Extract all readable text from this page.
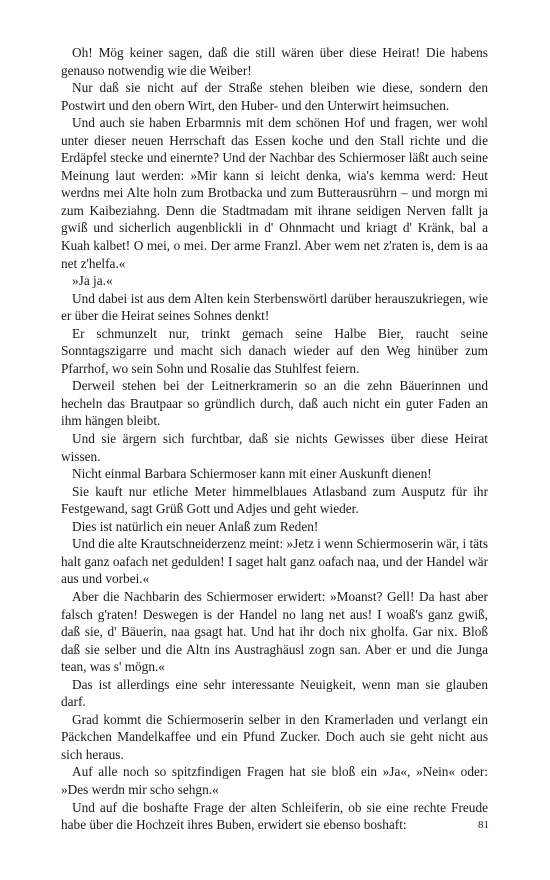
Oh! Mög keiner sagen, daß die still wären über diese Heirat! Die habens genauso notwendig wie die Weiber!

Nur daß sie nicht auf der Straße stehen bleiben wie diese, sondern den Postwirt und den obern Wirt, den Huber- und den Unterwirt heimsuchen.

Und auch sie haben Erbarmnis mit dem schönen Hof und fragen, wer wohl unter dieser neuen Herrschaft das Essen koche und den Stall richte und die Erdäpfel stecke und einernte? Und der Nachbar des Schiermoser läßt auch seine Meinung laut werden: »Mir kann si leicht denka, wia's kemma werd: Heut werdns mei Alte holn zum Brotbacka und zum Butterausrührn – und morgn mi zum Kaibeziahng. Denn die Stadtmadam mit ihrane seidigen Nerven fallt ja gwiß und sicherlich augenblickli in d' Ohnmacht und kriagt d' Kränk, bal a Kuah kalbet! O mei, o mei. Der arme Franzl. Aber wem net z'raten is, dem is aa net z'helfa.«

»Ja ja.«

Und dabei ist aus dem Alten kein Sterbenswörtl darüber herauszukriegen, wie er über die Heirat seines Sohnes denkt!

Er schmunzelt nur, trinkt gemach seine Halbe Bier, raucht seine Sonntagszigarre und macht sich danach wieder auf den Weg hinüber zum Pfarrhof, wo sein Sohn und Rosalie das Stuhlfest feiern.

Derweil stehen bei der Leitnerkramerin so an die zehn Bäuerinnen und hecheln das Brautpaar so gründlich durch, daß auch nicht ein guter Faden an ihm hängen bleibt.

Und sie ärgern sich furchtbar, daß sie nichts Gewisses über diese Heirat wissen.

Nicht einmal Barbara Schiermoser kann mit einer Auskunft dienen!

Sie kauft nur etliche Meter himmelblaues Atlasband zum Ausputz für ihr Festgewand, sagt Grüß Gott und Adjes und geht wieder.

Dies ist natürlich ein neuer Anlaß zum Reden!

Und die alte Krautschneiderzenz meint: »Jetz i wenn Schiermoserin wär, i täts halt ganz oafach net gedulden! I saget halt ganz oafach naa, und der Handel wär aus und vorbei.«

Aber die Nachbarin des Schiermoser erwidert: »Moanst? Gell! Da hast aber falsch g'raten! Deswegen is der Handel no lang net aus! I woaß's ganz gwiß, daß sie, d' Bäuerin, naa gsagt hat. Und hat ihr doch nix gholfa. Gar nix. Bloß daß sie selber und die Altn ins Austraghäusl zogn san. Aber er und die Junga tean, was s' mögn.«

Das ist allerdings eine sehr interessante Neuigkeit, wenn man sie glauben darf.

Grad kommt die Schiermoserin selber in den Kramerladen und verlangt ein Päckchen Mandelkaffee und ein Pfund Zucker. Doch auch sie geht nicht aus sich heraus.

Auf alle noch so spitzfindigen Fragen hat sie bloß ein »Ja«, »Nein« oder: »Des werdn mir scho sehgn.«

Und auf die boshafte Frage der alten Schleiferin, ob sie eine rechte Freude habe über die Hochzeit ihres Buben, erwidert sie ebenso boshaft:	81
